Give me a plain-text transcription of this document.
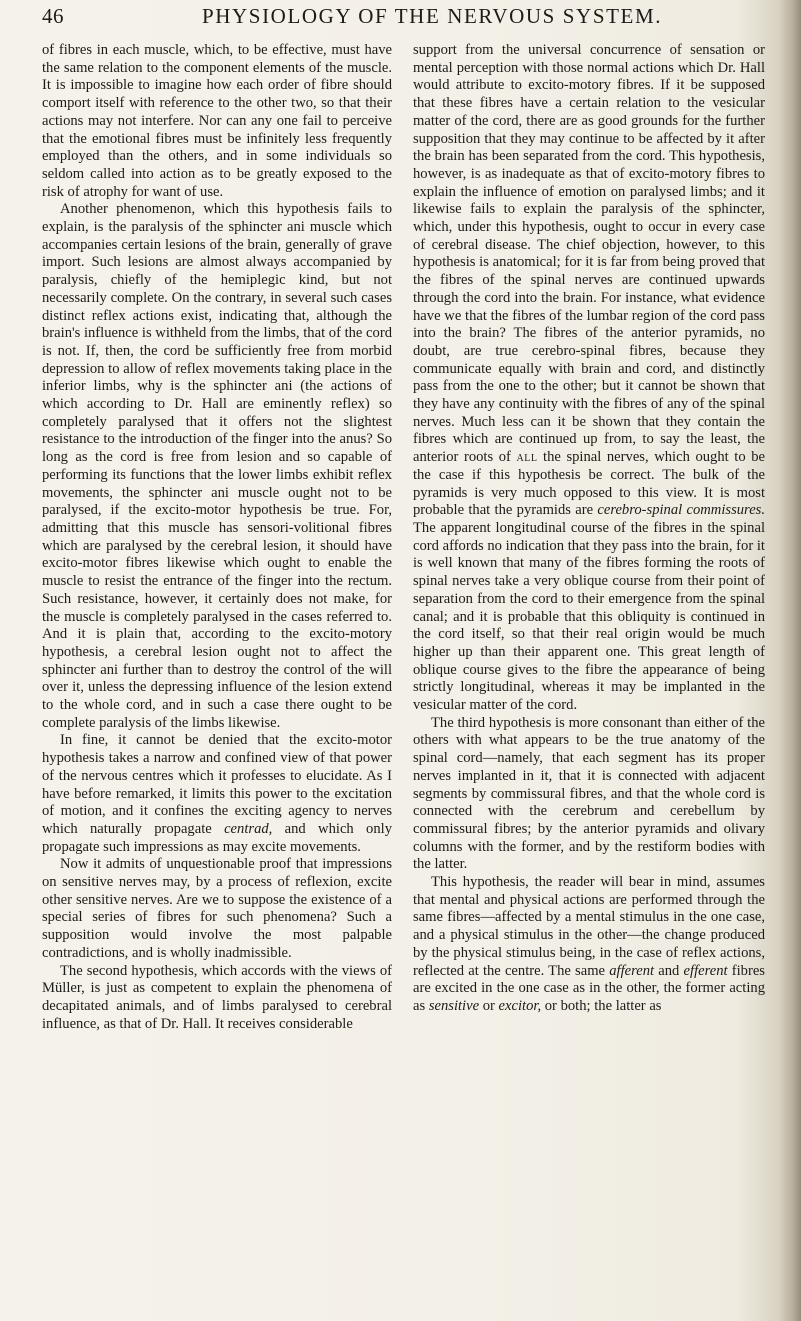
46	PHYSIOLOGY OF THE NERVOUS SYSTEM.

of fibres in each muscle, which, to be effective, must have the same relation to the component elements of the muscle. It is impossible to imagine how each order of fibre should comport itself with reference to the other two, so that their actions may not interfere. Nor can any one fail to perceive that the emotional fibres must be infinitely less frequently employed than the others, and in some individuals so seldom called into action as to be greatly exposed to the risk of atrophy for want of use.

Another phenomenon, which this hypothesis fails to explain, is the paralysis of the sphincter ani muscle which accompanies certain lesions of the brain, generally of grave import. Such lesions are almost always accompanied by paralysis, chiefly of the hemiplegic kind, but not necessarily complete. On the contrary, in several such cases distinct reflex actions exist, indicating that, although the brain's influence is withheld from the limbs, that of the cord is not. If, then, the cord be sufficiently free from morbid depression to allow of reflex movements taking place in the inferior limbs, why is the sphincter ani (the actions of which according to Dr. Hall are eminently reflex) so completely paralysed that it offers not the slightest resistance to the introduction of the finger into the anus? So long as the cord is free from lesion and so capable of performing its functions that the lower limbs exhibit reflex movements, the sphincter ani muscle ought not to be paralysed, if the excito-motor hypothesis be true. For, admitting that this muscle has sensori-volitional fibres which are paralysed by the cerebral lesion, it should have excito-motor fibres likewise which ought to enable the muscle to resist the entrance of the finger into the rectum. Such resistance, however, it certainly does not make, for the muscle is completely paralysed in the cases referred to. And it is plain that, according to the excito-motory hypothesis, a cerebral lesion ought not to affect the sphincter ani further than to destroy the control of the will over it, unless the depressing influence of the lesion extend to the whole cord, and in such a case there ought to be complete paralysis of the limbs likewise.

In fine, it cannot be denied that the excito-motor hypothesis takes a narrow and confined view of that power of the nervous centres which it professes to elucidate. As I have before remarked, it limits this power to the excitation of motion, and it confines the exciting agency to nerves which naturally propagate centrad, and which only propagate such impressions as may excite movements.

Now it admits of unquestionable proof that impressions on sensitive nerves may, by a process of reflexion, excite other sensitive nerves. Are we to suppose the existence of a special series of fibres for such phenomena? Such a supposition would involve the most palpable contradictions, and is wholly inadmissible.

The second hypothesis, which accords with the views of Müller, is just as competent to explain the phenomena of decapitated animals, and of limbs paralysed to cerebral influence, as that of Dr. Hall. It receives considerable

support from the universal concurrence of sensation or mental perception with those normal actions which Dr. Hall would attribute to excito-motory fibres. If it be supposed that these fibres have a certain relation to the vesicular matter of the cord, there are as good grounds for the further supposition that they may continue to be affected by it after the brain has been separated from the cord. This hypothesis, however, is as inadequate as that of excito-motory fibres to explain the influence of emotion on paralysed limbs; and it likewise fails to explain the paralysis of the sphincter, which, under this hypothesis, ought to occur in every case of cerebral disease. The chief objection, however, to this hypothesis is anatomical; for it is far from being proved that the fibres of the spinal nerves are continued upwards through the cord into the brain. For instance, what evidence have we that the fibres of the lumbar region of the cord pass into the brain? The fibres of the anterior pyramids, no doubt, are true cerebro-spinal fibres, because they communicate equally with brain and cord, and distinctly pass from the one to the other; but it cannot be shown that they have any continuity with the fibres of any of the spinal nerves. Much less can it be shown that they contain the fibres which are continued up from, to say the least, the anterior roots of all the spinal nerves, which ought to be the case if this hypothesis be correct. The bulk of the pyramids is very much opposed to this view. It is most probable that the pyramids are cerebro-spinal commissures. The apparent longitudinal course of the fibres in the spinal cord affords no indication that they pass into the brain, for it is well known that many of the fibres forming the roots of spinal nerves take a very oblique course from their point of separation from the cord to their emergence from the spinal canal; and it is probable that this obliquity is continued in the cord itself, so that their real origin would be much higher up than their apparent one. This great length of oblique course gives to the fibre the appearance of being strictly longitudinal, whereas it may be implanted in the vesicular matter of the cord.

The third hypothesis is more consonant than either of the others with what appears to be the true anatomy of the spinal cord—namely, that each segment has its proper nerves implanted in it, that it is connected with adjacent segments by commissural fibres, and that the whole cord is connected with the cerebrum and cerebellum by commissural fibres; by the anterior pyramids and olivary columns with the former, and by the restiform bodies with the latter.

This hypothesis, the reader will bear in mind, assumes that mental and physical actions are performed through the same fibres—affected by a mental stimulus in the one case, and a physical stimulus in the other—the change produced by the physical stimulus being, in the case of reflex actions, reflected at the centre. The same afferent and efferent fibres are excited in the one case as in the other, the former acting as sensitive or excitor, or both; the latter as
